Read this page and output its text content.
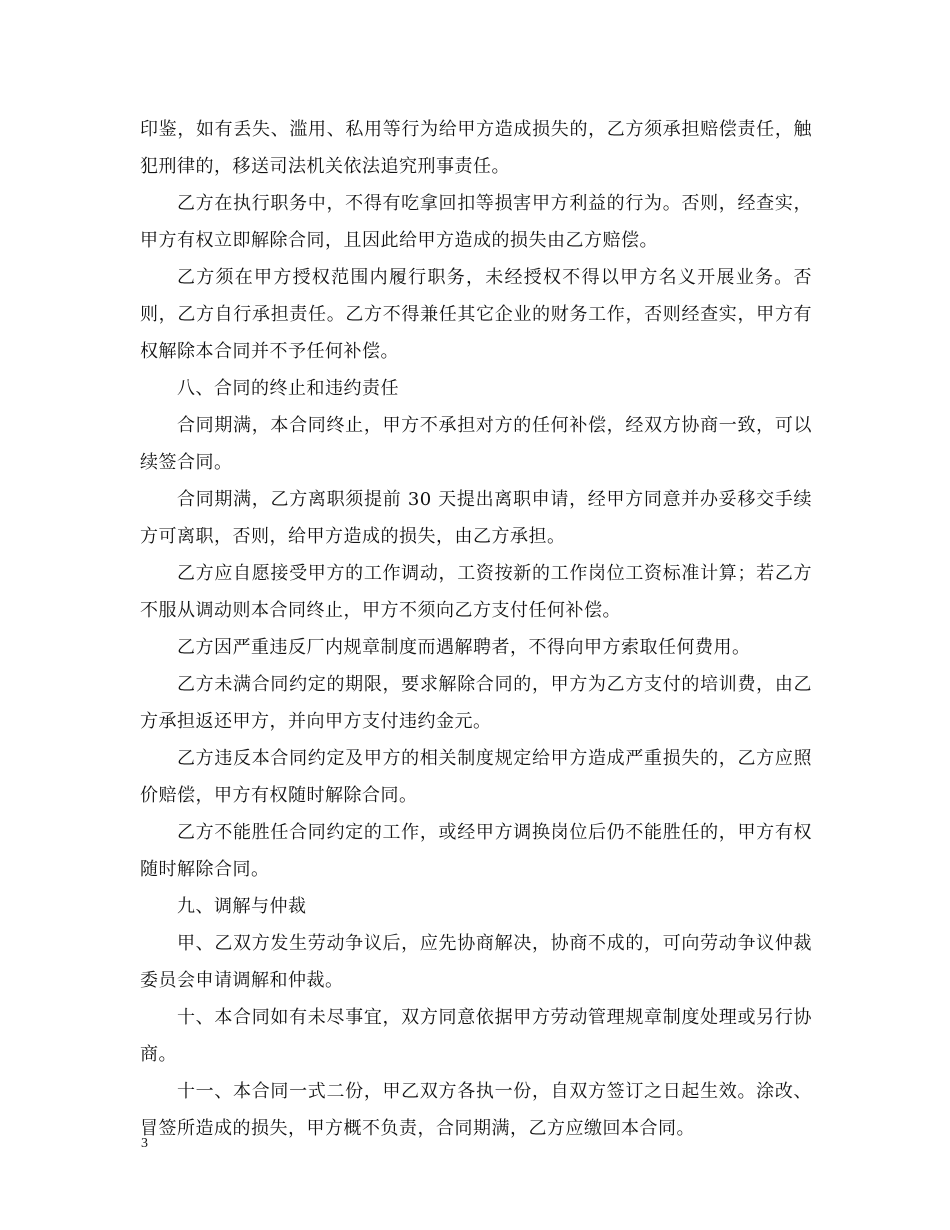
印鉴，如有丢失、滥用、私用等行为给甲方造成损失的，乙方须承担赔偿责任，触犯刑律的，移送司法机关依法追究刑事责任。

乙方在执行职务中，不得有吃拿回扣等损害甲方利益的行为。否则，经查实，甲方有权立即解除合同，且因此给甲方造成的损失由乙方赔偿。

乙方须在甲方授权范围内履行职务，未经授权不得以甲方名义开展业务。否则，乙方自行承担责任。乙方不得兼任其它企业的财务工作，否则经查实，甲方有权解除本合同并不予任何补偿。

八、合同的终止和违约责任

合同期满，本合同终止，甲方不承担对方的任何补偿，经双方协商一致，可以续签合同。

合同期满，乙方离职须提前 30 天提出离职申请，经甲方同意并办妥移交手续方可离职，否则，给甲方造成的损失，由乙方承担。

乙方应自愿接受甲方的工作调动，工资按新的工作岗位工资标准计算；若乙方不服从调动则本合同终止，甲方不须向乙方支付任何补偿。

乙方因严重违反厂内规章制度而遇解聘者，不得向甲方索取任何费用。

乙方未满合同约定的期限，要求解除合同的，甲方为乙方支付的培训费，由乙方承担返还甲方，并向甲方支付违约金元。

乙方违反本合同约定及甲方的相关制度规定给甲方造成严重损失的，乙方应照价赔偿，甲方有权随时解除合同。

乙方不能胜任合同约定的工作，或经甲方调换岗位后仍不能胜任的，甲方有权随时解除合同。

九、调解与仲裁

甲、乙双方发生劳动争议后，应先协商解决，协商不成的，可向劳动争议仲裁委员会申请调解和仲裁。

十、本合同如有未尽事宜，双方同意依据甲方劳动管理规章制度处理或另行协商。

十一、本合同一式二份，甲乙双方各执一份，自双方签订之日起生效。涂改、冒签所造成的损失，甲方概不负责，合同期满，乙方应缴回本合同。

3
